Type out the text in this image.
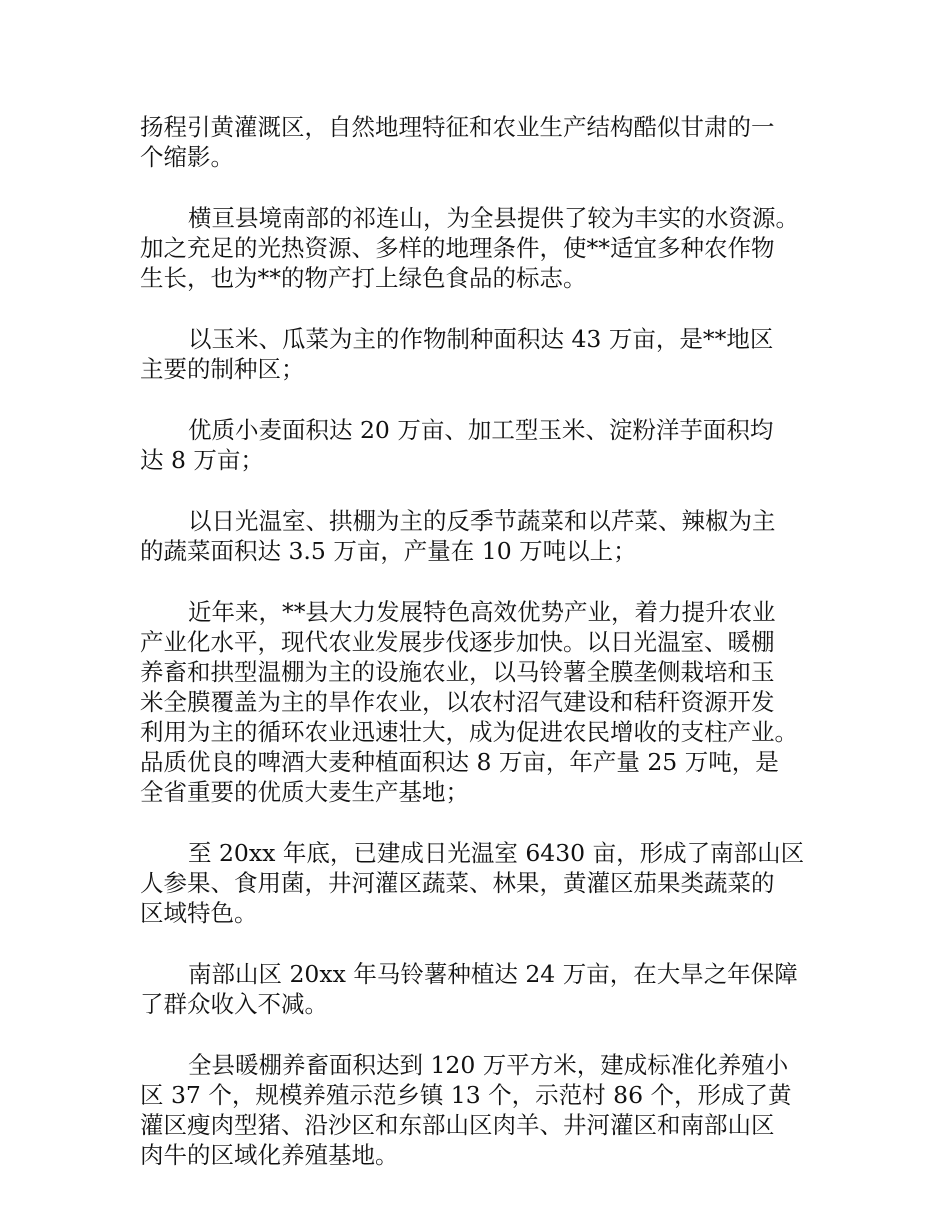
扬程引黄灌溉区，自然地理特征和农业生产结构酷似甘肃的一
个缩影。
横亘县境南部的祁连山，为全县提供了较为丰实的水资源。
加之充足的光热资源、多样的地理条件，使**适宜多种农作物
生长，也为**的物产打上绿色食品的标志。
以玉米、瓜菜为主的作物制种面积达 43 万亩，是**地区
主要的制种区；
优质小麦面积达 20 万亩、加工型玉米、淀粉洋芋面积均
达 8 万亩；
以日光温室、拱棚为主的反季节蔬菜和以芹菜、辣椒为主
的蔬菜面积达 3.5 万亩，产量在 10 万吨以上；
近年来，**县大力发展特色高效优势产业，着力提升农业
产业化水平，现代农业发展步伐逐步加快。以日光温室、暖棚
养畜和拱型温棚为主的设施农业，以马铃薯全膜垄侧栽培和玉
米全膜覆盖为主的旱作农业，以农村沼气建设和秸秆资源开发
利用为主的循环农业迅速壮大，成为促进农民增收的支柱产业。
品质优良的啤酒大麦种植面积达 8 万亩，年产量 25 万吨，是
全省重要的优质大麦生产基地；
至 20xx 年底，已建成日光温室 6430 亩，形成了南部山区
人参果、食用菌，井河灌区蔬菜、林果，黄灌区茄果类蔬菜的
区域特色。
南部山区 20xx 年马铃薯种植达 24 万亩，在大旱之年保障
了群众收入不减。
全县暖棚养畜面积达到 120 万平方米，建成标准化养殖小
区 37 个，规模养殖示范乡镇 13 个，示范村 86 个，形成了黄
灌区瘦肉型猪、沿沙区和东部山区肉羊、井河灌区和南部山区
肉牛的区域化养殖基地。
